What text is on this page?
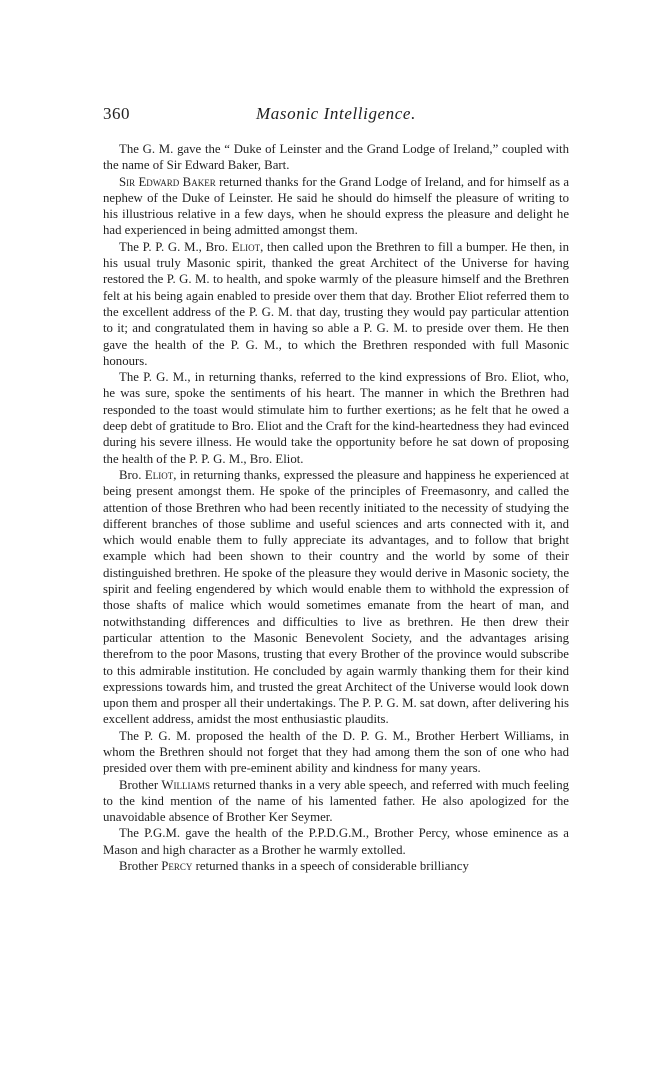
360	Masonic Intelligence.

The G. M. gave the “ Duke of Leinster and the Grand Lodge of Ireland,” coupled with the name of Sir Edward Baker, Bart.

Sir Edward Baker returned thanks for the Grand Lodge of Ireland, and for himself as a nephew of the Duke of Leinster. He said he should do himself the pleasure of writing to his illustrious relative in a few days, when he should express the pleasure and delight he had experienced in being admitted amongst them.

The P. P. G. M., Bro. Eliot, then called upon the Brethren to fill a bumper. He then, in his usual truly Masonic spirit, thanked the great Architect of the Universe for having restored the P. G. M. to health, and spoke warmly of the pleasure himself and the Brethren felt at his being again enabled to preside over them that day. Brother Eliot referred them to the excellent address of the P. G. M. that day, trusting they would pay particular attention to it; and congratulated them in having so able a P. G. M. to preside over them. He then gave the health of the P. G. M., to which the Brethren responded with full Masonic honours.

The P. G. M., in returning thanks, referred to the kind expressions of Bro. Eliot, who, he was sure, spoke the sentiments of his heart. The manner in which the Brethren had responded to the toast would stimulate him to further exertions; as he felt that he owed a deep debt of gratitude to Bro. Eliot and the Craft for the kind-heartedness they had evinced during his severe illness. He would take the opportunity before he sat down of proposing the health of the P. P. G. M., Bro. Eliot.

Bro. Eliot, in returning thanks, expressed the pleasure and happiness he experienced at being present amongst them. He spoke of the principles of Freemasonry, and called the attention of those Brethren who had been recently initiated to the necessity of studying the different branches of those sublime and useful sciences and arts connected with it, and which would enable them to fully appreciate its advantages, and to follow that bright example which had been shown to their country and the world by some of their distinguished brethren. He spoke of the pleasure they would derive in Masonic society, the spirit and feeling engendered by which would enable them to withhold the expression of those shafts of malice which would sometimes emanate from the heart of man, and notwithstanding differences and difficulties to live as brethren. He then drew their particular attention to the Masonic Benevolent Society, and the advantages arising therefrom to the poor Masons, trusting that every Brother of the province would subscribe to this admirable institution. He concluded by again warmly thanking them for their kind expressions towards him, and trusted the great Architect of the Universe would look down upon them and prosper all their undertakings. The P. P. G. M. sat down, after delivering his excellent address, amidst the most enthusiastic plaudits.

The P. G. M. proposed the health of the D. P. G. M., Brother Herbert Williams, in whom the Brethren should not forget that they had among them the son of one who had presided over them with pre-eminent ability and kindness for many years.

Brother Williams returned thanks in a very able speech, and referred with much feeling to the kind mention of the name of his lamented father. He also apologized for the unavoidable absence of Brother Ker Seymer.

The P.G.M. gave the health of the P.P.D.G.M., Brother Percy, whose eminence as a Mason and high character as a Brother he warmly extolled.

Brother Percy returned thanks in a speech of considerable brilliancy
